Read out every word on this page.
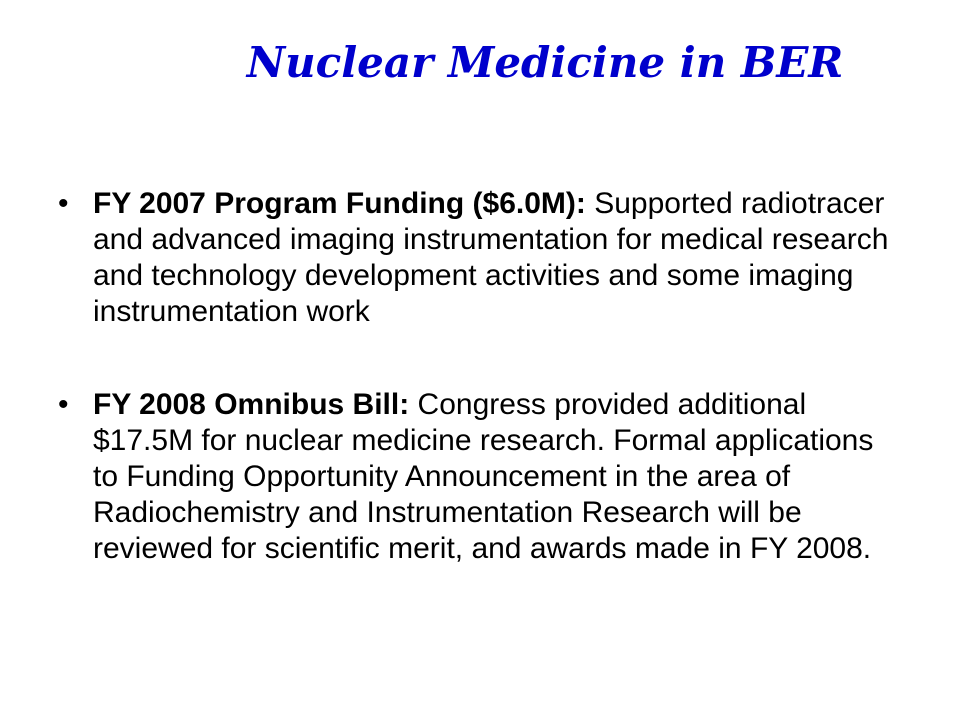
Nuclear Medicine in BER
• FY 2007 Program Funding ($6.0M): Supported radiotracer and advanced imaging instrumentation for medical research and technology development activities and some imaging instrumentation work
• FY 2008 Omnibus Bill: Congress provided additional $17.5M for nuclear medicine research. Formal applications to Funding Opportunity Announcement in the area of Radiochemistry and Instrumentation Research will be reviewed for scientific merit, and awards made in FY 2008.
